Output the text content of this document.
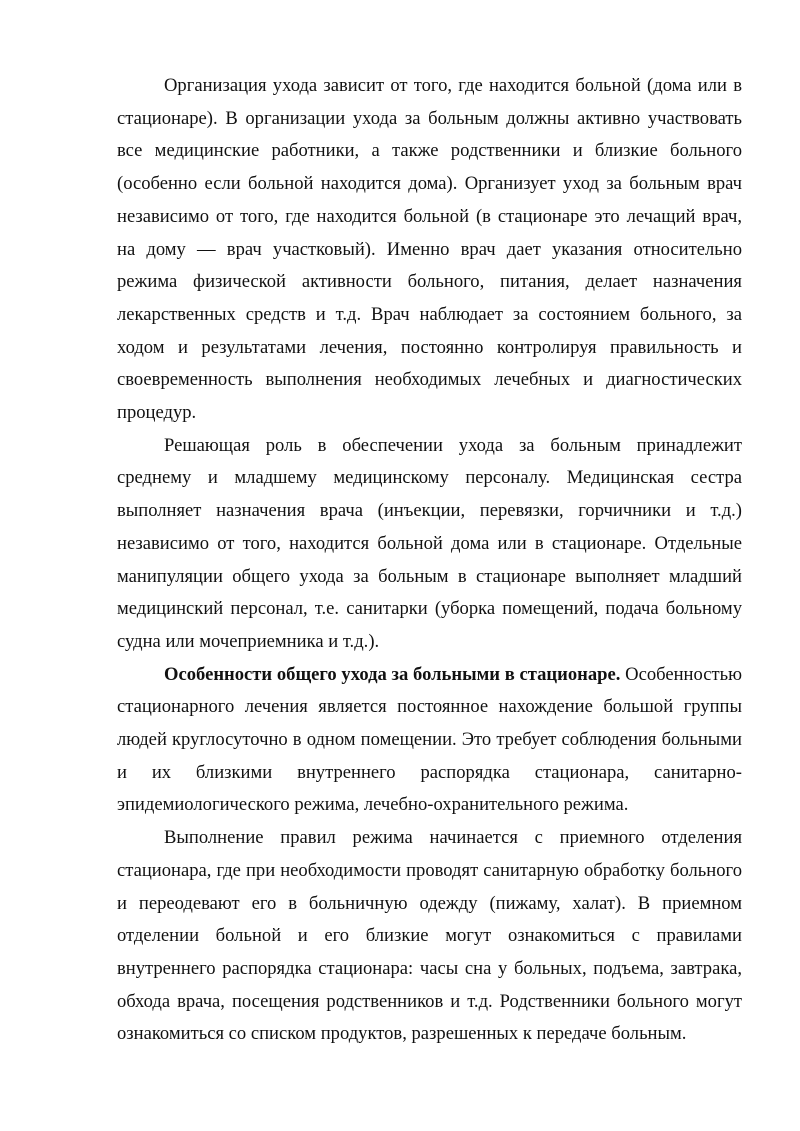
Организация ухода зависит от того, где находится больной (дома или в стационаре). В организации ухода за больным должны активно участвовать все медицинские работники, а также родственники и близкие больного (особенно если больной находится дома). Организует уход за больным врач независимо от того, где находится больной (в стационаре это лечащий врач, на дому — врач участковый). Именно врач дает указания относительно режима физической активности больного, питания, делает назначения лекарственных средств и т.д. Врач наблюдает за состоянием больного, за ходом и результатами лечения, постоянно контролируя правильность и своевременность выполнения необходимых лечебных и диагностических процедур.

Решающая роль в обеспечении ухода за больным принадлежит среднему и младшему медицинскому персоналу. Медицинская сестра выполняет назначения врача (инъекции, перевязки, горчичники и т.д.) независимо от того, находится больной дома или в стационаре. Отдельные манипуляции общего ухода за больным в стационаре выполняет младший медицинский персонал, т.е. санитарки (уборка помещений, подача больному судна или мочеприемника и т.д.).

Особенности общего ухода за больными в стационаре. Особенностью стационарного лечения является постоянное нахождение большой группы людей круглосуточно в одном помещении. Это требует соблюдения больными и их близкими внутреннего распорядка стационара, санитарно-эпидемиологического режима, лечебно-охранительного режима.

Выполнение правил режима начинается с приемного отделения стационара, где при необходимости проводят санитарную обработку больного и переодевают его в больничную одежду (пижаму, халат). В приемном отделении больной и его близкие могут ознакомиться с правилами внутреннего распорядка стационара: часы сна у больных, подъема, завтрака, обхода врача, посещения родственников и т.д. Родственники больного могут ознакомиться со списком продуктов, разрешенных к передаче больным.
